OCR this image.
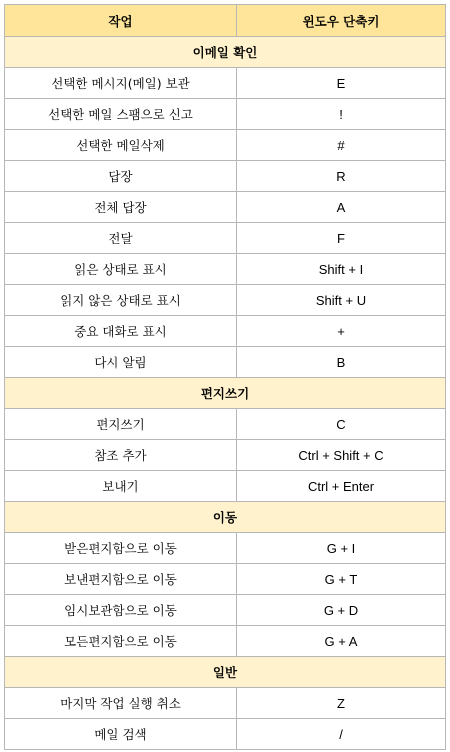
작업	윈도우 단축키
이메일 확인	
선택한 메시지(메일) 보관	E
선택한 메일 스팸으로 신고	!
선택한 메일삭제	#
답장	R
전체 답장	A
전달	F
읽은 상태로 표시	Shift + I
읽지 않은 상태로 표시	Shift + U
중요 대화로 표시	+
다시 알림	B
편지쓰기	
편지쓰기	C
참조 추가	Ctrl + Shift + C
보내기	Ctrl + Enter
이동	
받은편지함으로 이동	G + I
보낸편지함으로 이동	G + T
임시보관함으로 이동	G + D
모든편지함으로 이동	G + A
일반	
마지막 작업 실행 취소	Z
메일 검색	/
